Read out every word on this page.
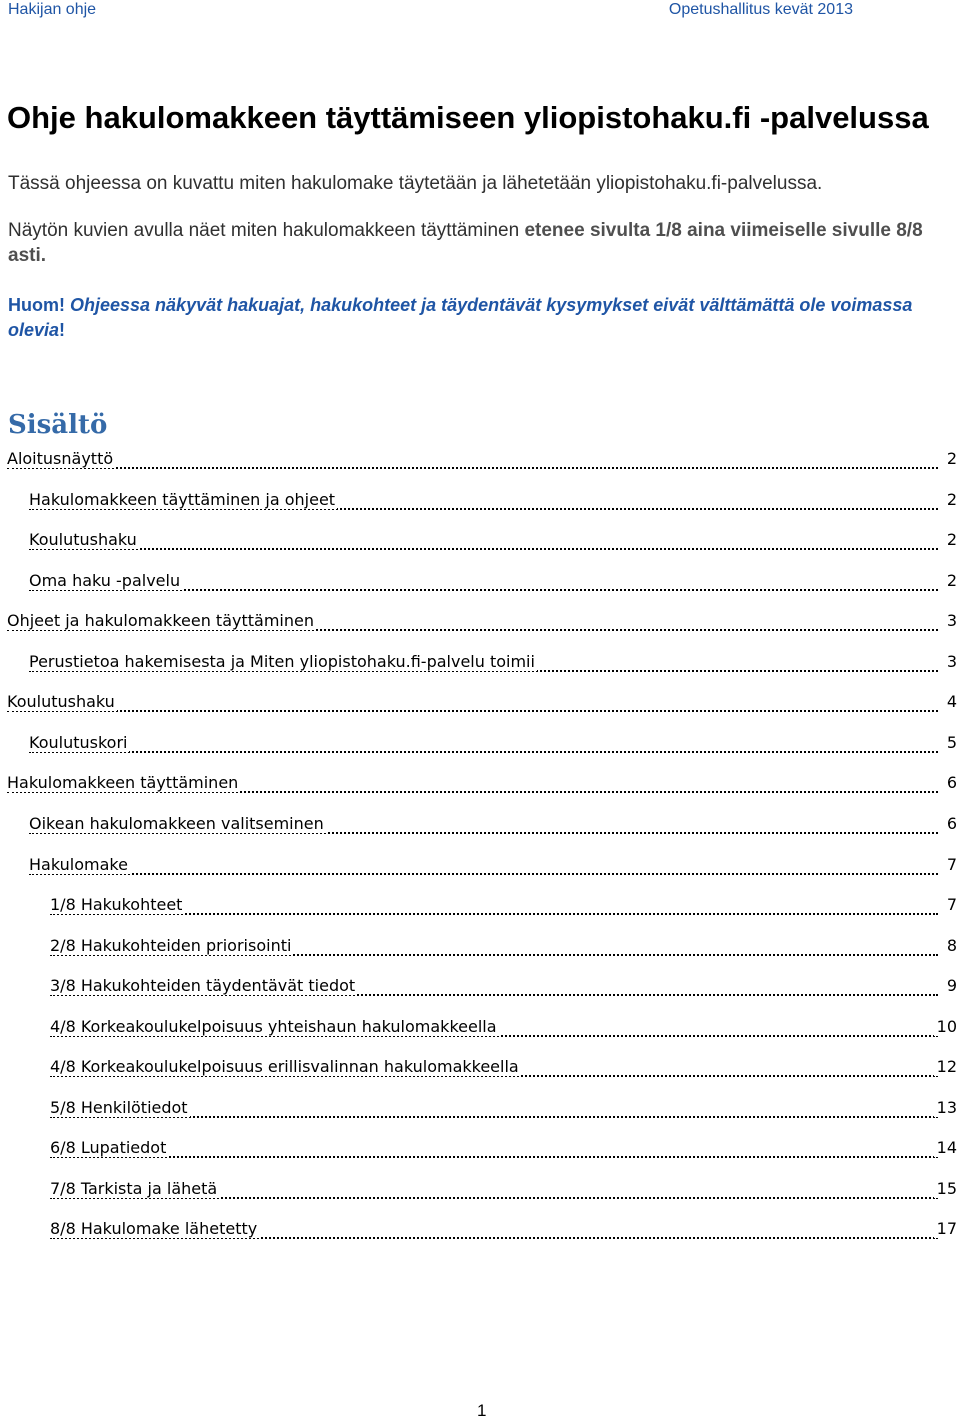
Hakijan ohje	Opetushallitus kevät 2013
Ohje hakulomakkeen täyttämiseen yliopistohaku.fi -palvelussa

Tässä ohjeessa on kuvattu miten hakulomake täytetään ja lähetetään yliopistohaku.fi-palvelussa.

Näytön kuvien avulla näet miten hakulomakkeen täyttäminen etenee sivulta 1/8 aina viimeiselle sivulle 8/8 asti.

Huom! Ohjeessa näkyvät hakuajat, hakukohteet ja täydentävät kysymykset eivät välttämättä ole voimassa olevia!

Sisältö
Aloitusnäyttö	2
Hakulomakkeen täyttäminen ja ohjeet	2
Koulutushaku	2
Oma haku -palvelu	2
Ohjeet ja hakulomakkeen täyttäminen	3
Perustietoa hakemisesta ja Miten yliopistohaku.fi-palvelu toimii	3
Koulutushaku	4
Koulutuskori	5
Hakulomakkeen täyttäminen	6
Oikean hakulomakkeen valitseminen	6
Hakulomake	7
1/8 Hakukohteet	7
2/8 Hakukohteiden priorisointi	8
3/8 Hakukohteiden täydentävät tiedot	9
4/8 Korkeakoulukelpoisuus yhteishaun hakulomakkeella	10
4/8 Korkeakoulukelpoisuus erillisvalinnan hakulomakkeella	12
5/8 Henkilötiedot	13
6/8 Lupatiedot	14
7/8 Tarkista ja lähetä	15
8/8 Hakulomake lähetetty	17
1
